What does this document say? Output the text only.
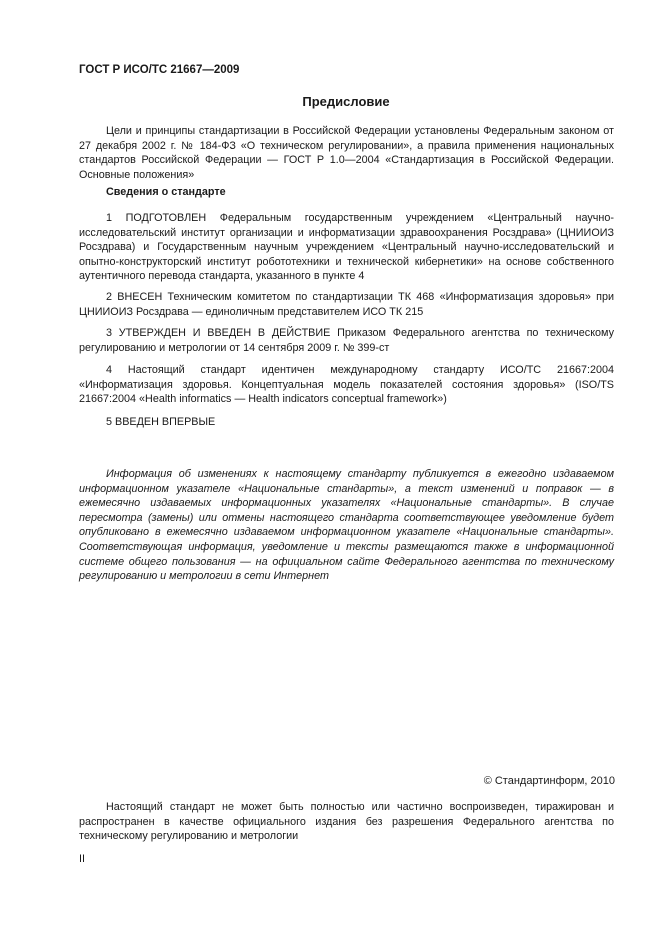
ГОСТ Р ИСО/ТС 21667—2009
Предисловие

Цели и принципы стандартизации в Российской Федерации установлены Федеральным законом от 27 декабря 2002 г. № 184-ФЗ «О техническом регулировании», а правила применения национальных стандартов Российской Федерации — ГОСТ Р 1.0—2004 «Стандартизация в Российской Федерации. Основные положения»

Сведения о стандарте

1 ПОДГОТОВЛЕН Федеральным государственным учреждением «Центральный научно-исследовательский институт организации и информатизации здравоохранения Росздрава» (ЦНИИОИЗ Росздрава) и Государственным научным учреждением «Центральный научно-исследовательский и опытно-конструкторский институт робототехники и технической кибернетики» на основе собственного аутентичного перевода стандарта, указанного в пункте 4

2 ВНЕСЕН Техническим комитетом по стандартизации ТК 468 «Информатизация здоровья» при ЦНИИОИЗ Росздрава — единоличным представителем ИСО ТК 215

3 УТВЕРЖДЕН И ВВЕДЕН В ДЕЙСТВИЕ Приказом Федерального агентства по техническому регулированию и метрологии от 14 сентября 2009 г. № 399-ст

4 Настоящий стандарт идентичен международному стандарту ИСО/ТС 21667:2004 «Информатизация здоровья. Концептуальная модель показателей состояния здоровья» (ISO/TS 21667:2004 «Health informatics — Health indicators conceptual framework»)

5 ВВЕДЕН ВПЕРВЫЕ

Информация об изменениях к настоящему стандарту публикуется в ежегодно издаваемом информационном указателе «Национальные стандарты», а текст изменений и поправок — в ежемесячно издаваемых информационных указателях «Национальные стандарты». В случае пересмотра (замены) или отмены настоящего стандарта соответствующее уведомление будет опубликовано в ежемесячно издаваемом информационном указателе «Национальные стандарты». Соответствующая информация, уведомление и тексты размещаются также в информационной системе общего пользования — на официальном сайте Федерального агентства по техническому регулированию и метрологии в сети Интернет

© Стандартинформ, 2010

Настоящий стандарт не может быть полностью или частично воспроизведен, тиражирован и распространен в качестве официального издания без разрешения Федерального агентства по техническому регулированию и метрологии

II
